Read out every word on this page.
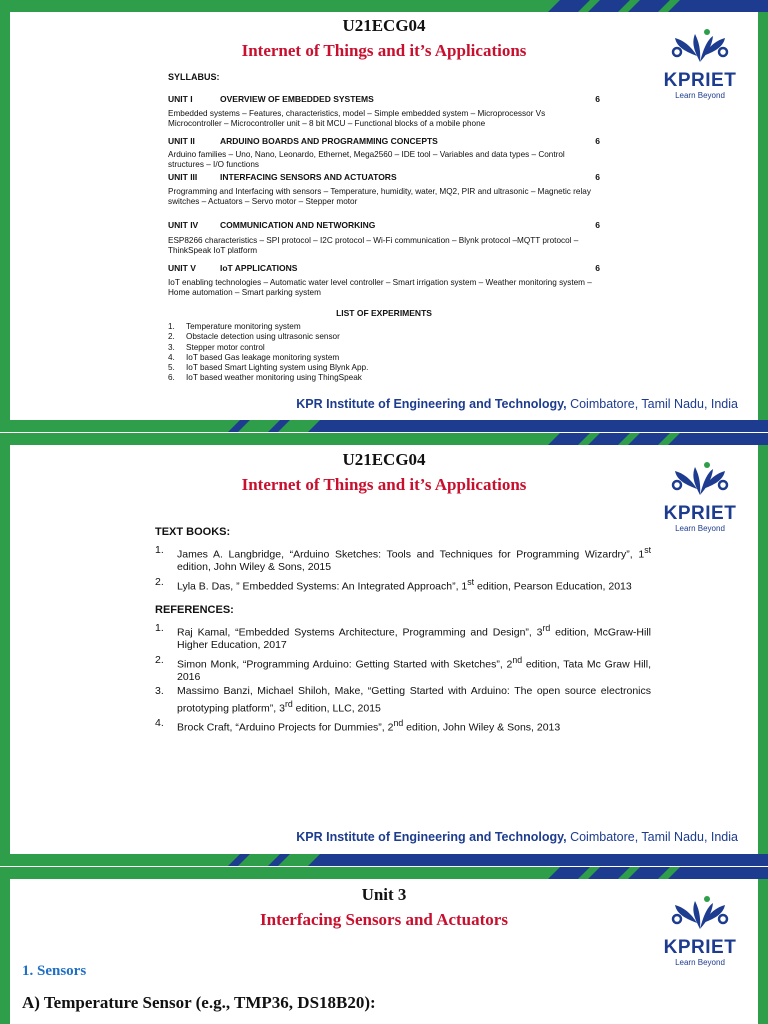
U21ECG04
Internet of Things and it’s Applications
KPRIET
Learn Beyond
SYLLABUS:
UNIT I	OVERVIEW OF EMBEDDED SYSTEMS	6
Embedded systems – Features, characteristics, model – Simple embedded system – Microprocessor Vs Microcontroller – Microcontroller unit – 8 bit MCU – Functional blocks of a mobile phone
UNIT II	ARDUINO BOARDS AND PROGRAMMING CONCEPTS	6
Arduino families – Uno, Nano, Leonardo, Ethernet, Mega2560 – IDE tool – Variables and data types – Control structures – I/O functions
UNIT III	INTERFACING SENSORS AND ACTUATORS	6
Programming and Interfacing with sensors – Temperature, humidity, water, MQ2, PIR and ultrasonic – Magnetic relay switches – Actuators – Servo motor – Stepper motor
UNIT IV	COMMUNICATION AND NETWORKING	6
ESP8266 characteristics – SPI protocol – I2C protocol – Wi-Fi communication – Blynk protocol –MQTT protocol – ThinkSpeak IoT platform
UNIT V	IoT APPLICATIONS	6
IoT enabling technologies – Automatic water level controller – Smart irrigation system – Weather monitoring system – Home automation – Smart parking system
LIST OF EXPERIMENTS
1. Temperature monitoring system
2. Obstacle detection using ultrasonic sensor
3. Stepper motor control
4. IoT based Gas leakage monitoring system
5. IoT based Smart Lighting system using Blynk App.
6. IoT based weather monitoring using ThingSpeak
KPR Institute of Engineering and Technology, Coimbatore, Tamil Nadu, India
U21ECG04
Internet of Things and it’s Applications
KPRIET
Learn Beyond
TEXT BOOKS:
1. James A. Langbridge, “Arduino Sketches: Tools and Techniques for Programming Wizardry”, 1st edition, John Wiley & Sons, 2015
2. Lyla B. Das, ” Embedded Systems: An Integrated Approach”, 1st edition, Pearson Education, 2013
REFERENCES:
1. Raj Kamal, “Embedded Systems Architecture, Programming and Design”, 3rd edition, McGraw-Hill Higher Education, 2017
2. Simon Monk, “Programming Arduino: Getting Started with Sketches”, 2nd edition, Tata Mc Graw Hill, 2016
3. Massimo Banzi, Michael Shiloh, Make, “Getting Started with Arduino: The open source electronics prototyping platform”, 3rd edition, LLC, 2015
4. Brock Craft, “Arduino Projects for Dummies”, 2nd edition, John Wiley & Sons, 2013
KPR Institute of Engineering and Technology, Coimbatore, Tamil Nadu, India
Unit 3
Interfacing Sensors and Actuators
KPRIET
Learn Beyond
1. Sensors
A) Temperature Sensor (e.g., TMP36, DS18B20):
